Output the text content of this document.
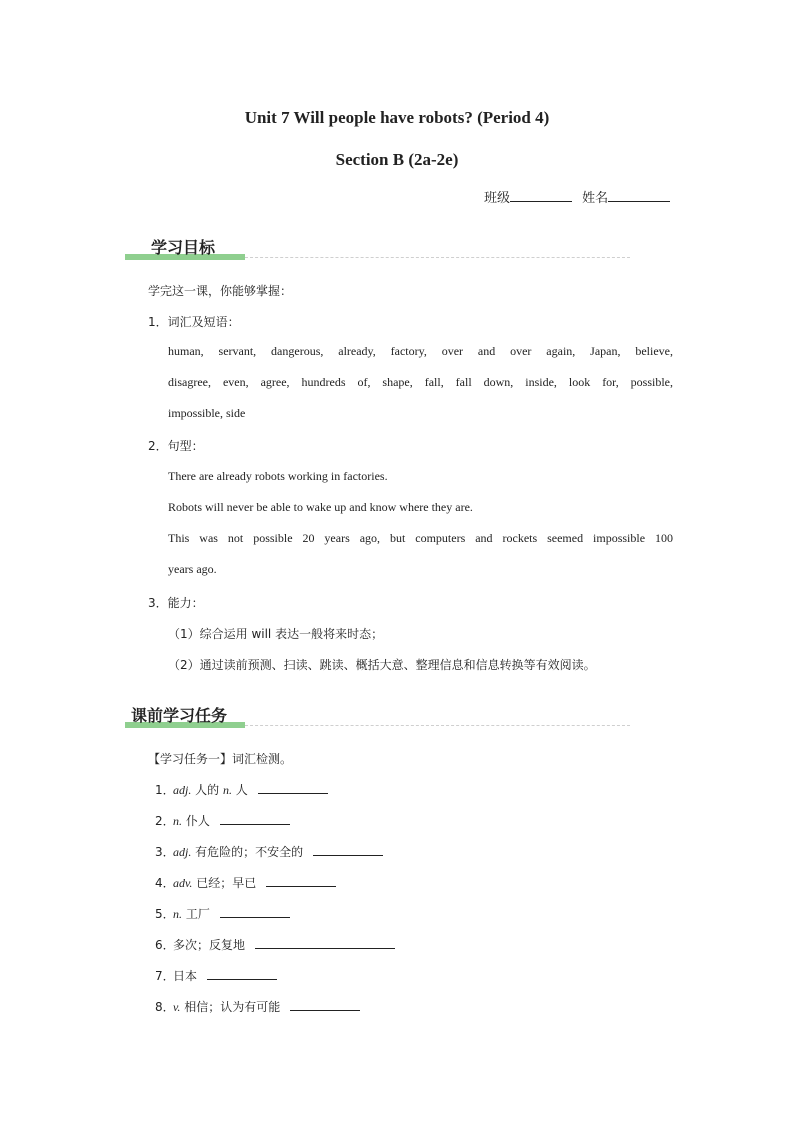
Unit 7 Will people have robots? (Period 4)
Section B (2a-2e)
班级	姓名
学习目标
学完这一课，你能够掌握：
1．词汇及短语：
human, servant, dangerous, already, factory, over and over again, Japan, believe,
disagree, even, agree, hundreds of, shape, fall, fall down, inside, look for, possible,
impossible, side
2．句型：
There are already robots working in factories.
Robots will never be able to wake up and know where they are.
This was not possible 20 years ago, but computers and rockets seemed impossible 100
years ago.
3．能力：
（1）综合运用 will 表达一般将来时态；
（2）通过读前预测、扫读、跳读、概括大意、整理信息和信息转换等有效阅读。
课前学习任务
【学习任务一】词汇检测。
1．adj. 人的 n. 人
2．n. 仆人
3．adj. 有危险的；不安全的
4．adv. 已经；早已
5．n. 工厂
6．多次；反复地
7．日本
8．v. 相信；认为有可能
